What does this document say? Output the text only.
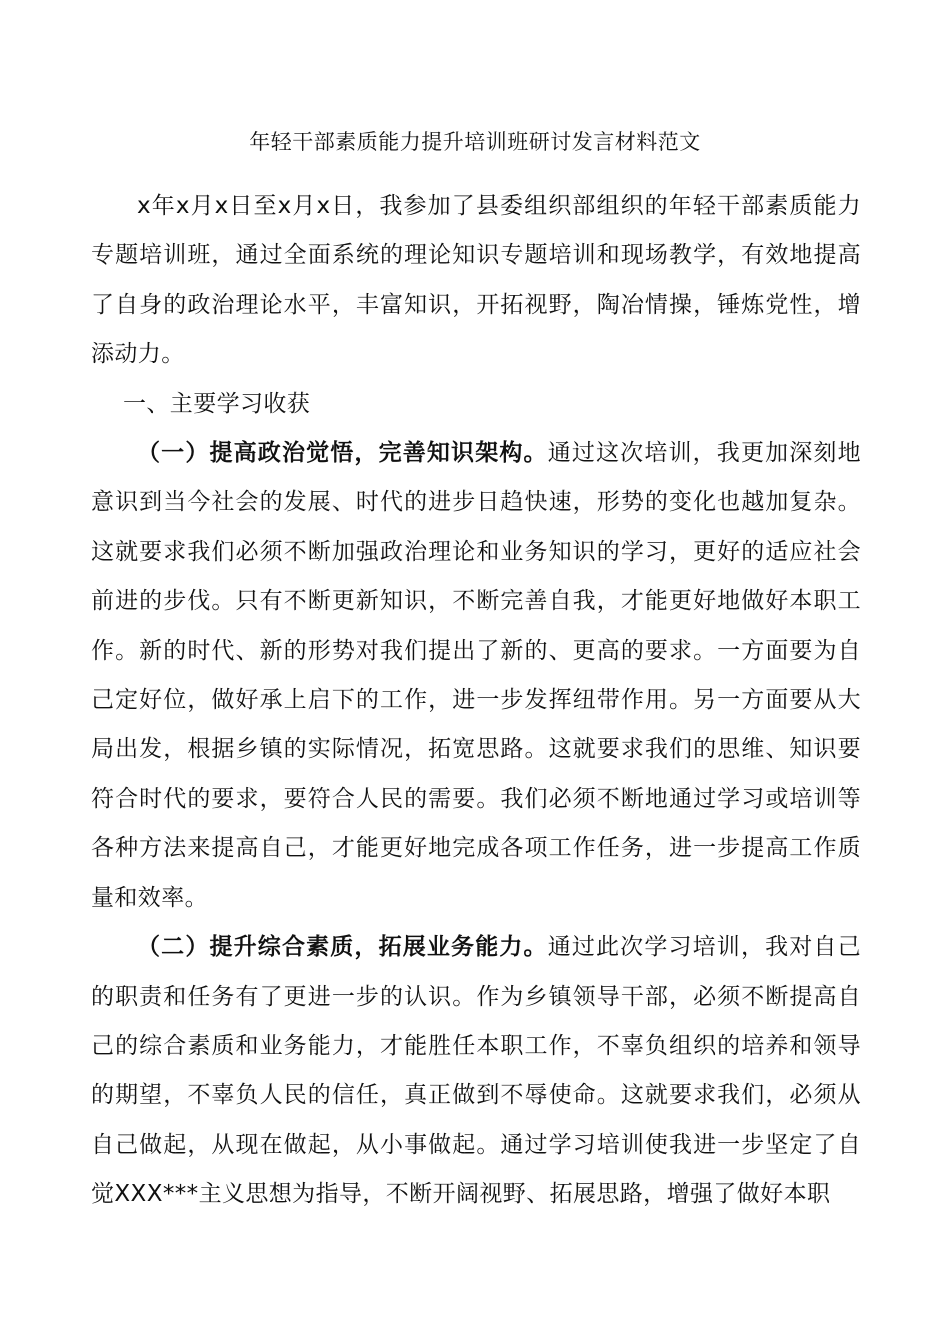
年轻干部素质能力提升培训班研讨发言材料范文

x年x月x日至x月x日，我参加了县委组织部组织的年轻干部素质能力专题培训班，通过全面系统的理论知识专题培训和现场教学，有效地提高了自身的政治理论水平，丰富知识，开拓视野，陶冶情操，锤炼党性，增添动力。

一、主要学习收获

（一）提高政治觉悟，完善知识架构。通过这次培训，我更加深刻地意识到当今社会的发展、时代的进步日趋快速，形势的变化也越加复杂。这就要求我们必须不断加强政治理论和业务知识的学习，更好的适应社会前进的步伐。只有不断更新知识，不断完善自我，才能更好地做好本职工作。新的时代、新的形势对我们提出了新的、更高的要求。一方面要为自己定好位，做好承上启下的工作，进一步发挥纽带作用。另一方面要从大局出发，根据乡镇的实际情况，拓宽思路。这就要求我们的思维、知识要符合时代的要求，要符合人民的需要。我们必须不断地通过学习或培训等各种方法来提高自己，才能更好地完成各项工作任务，进一步提高工作质量和效率。

（二）提升综合素质，拓展业务能力。通过此次学习培训，我对自己的职责和任务有了更进一步的认识。作为乡镇领导干部，必须不断提高自己的综合素质和业务能力，才能胜任本职工作，不辜负组织的培养和领导的期望，不辜负人民的信任，真正做到不辱使命。这就要求我们，必须从自己做起，从现在做起，从小事做起。通过学习培训使我进一步坚定了自觉XXX***主义思想为指导，不断开阔视野、拓展思路，增强了做好本职
